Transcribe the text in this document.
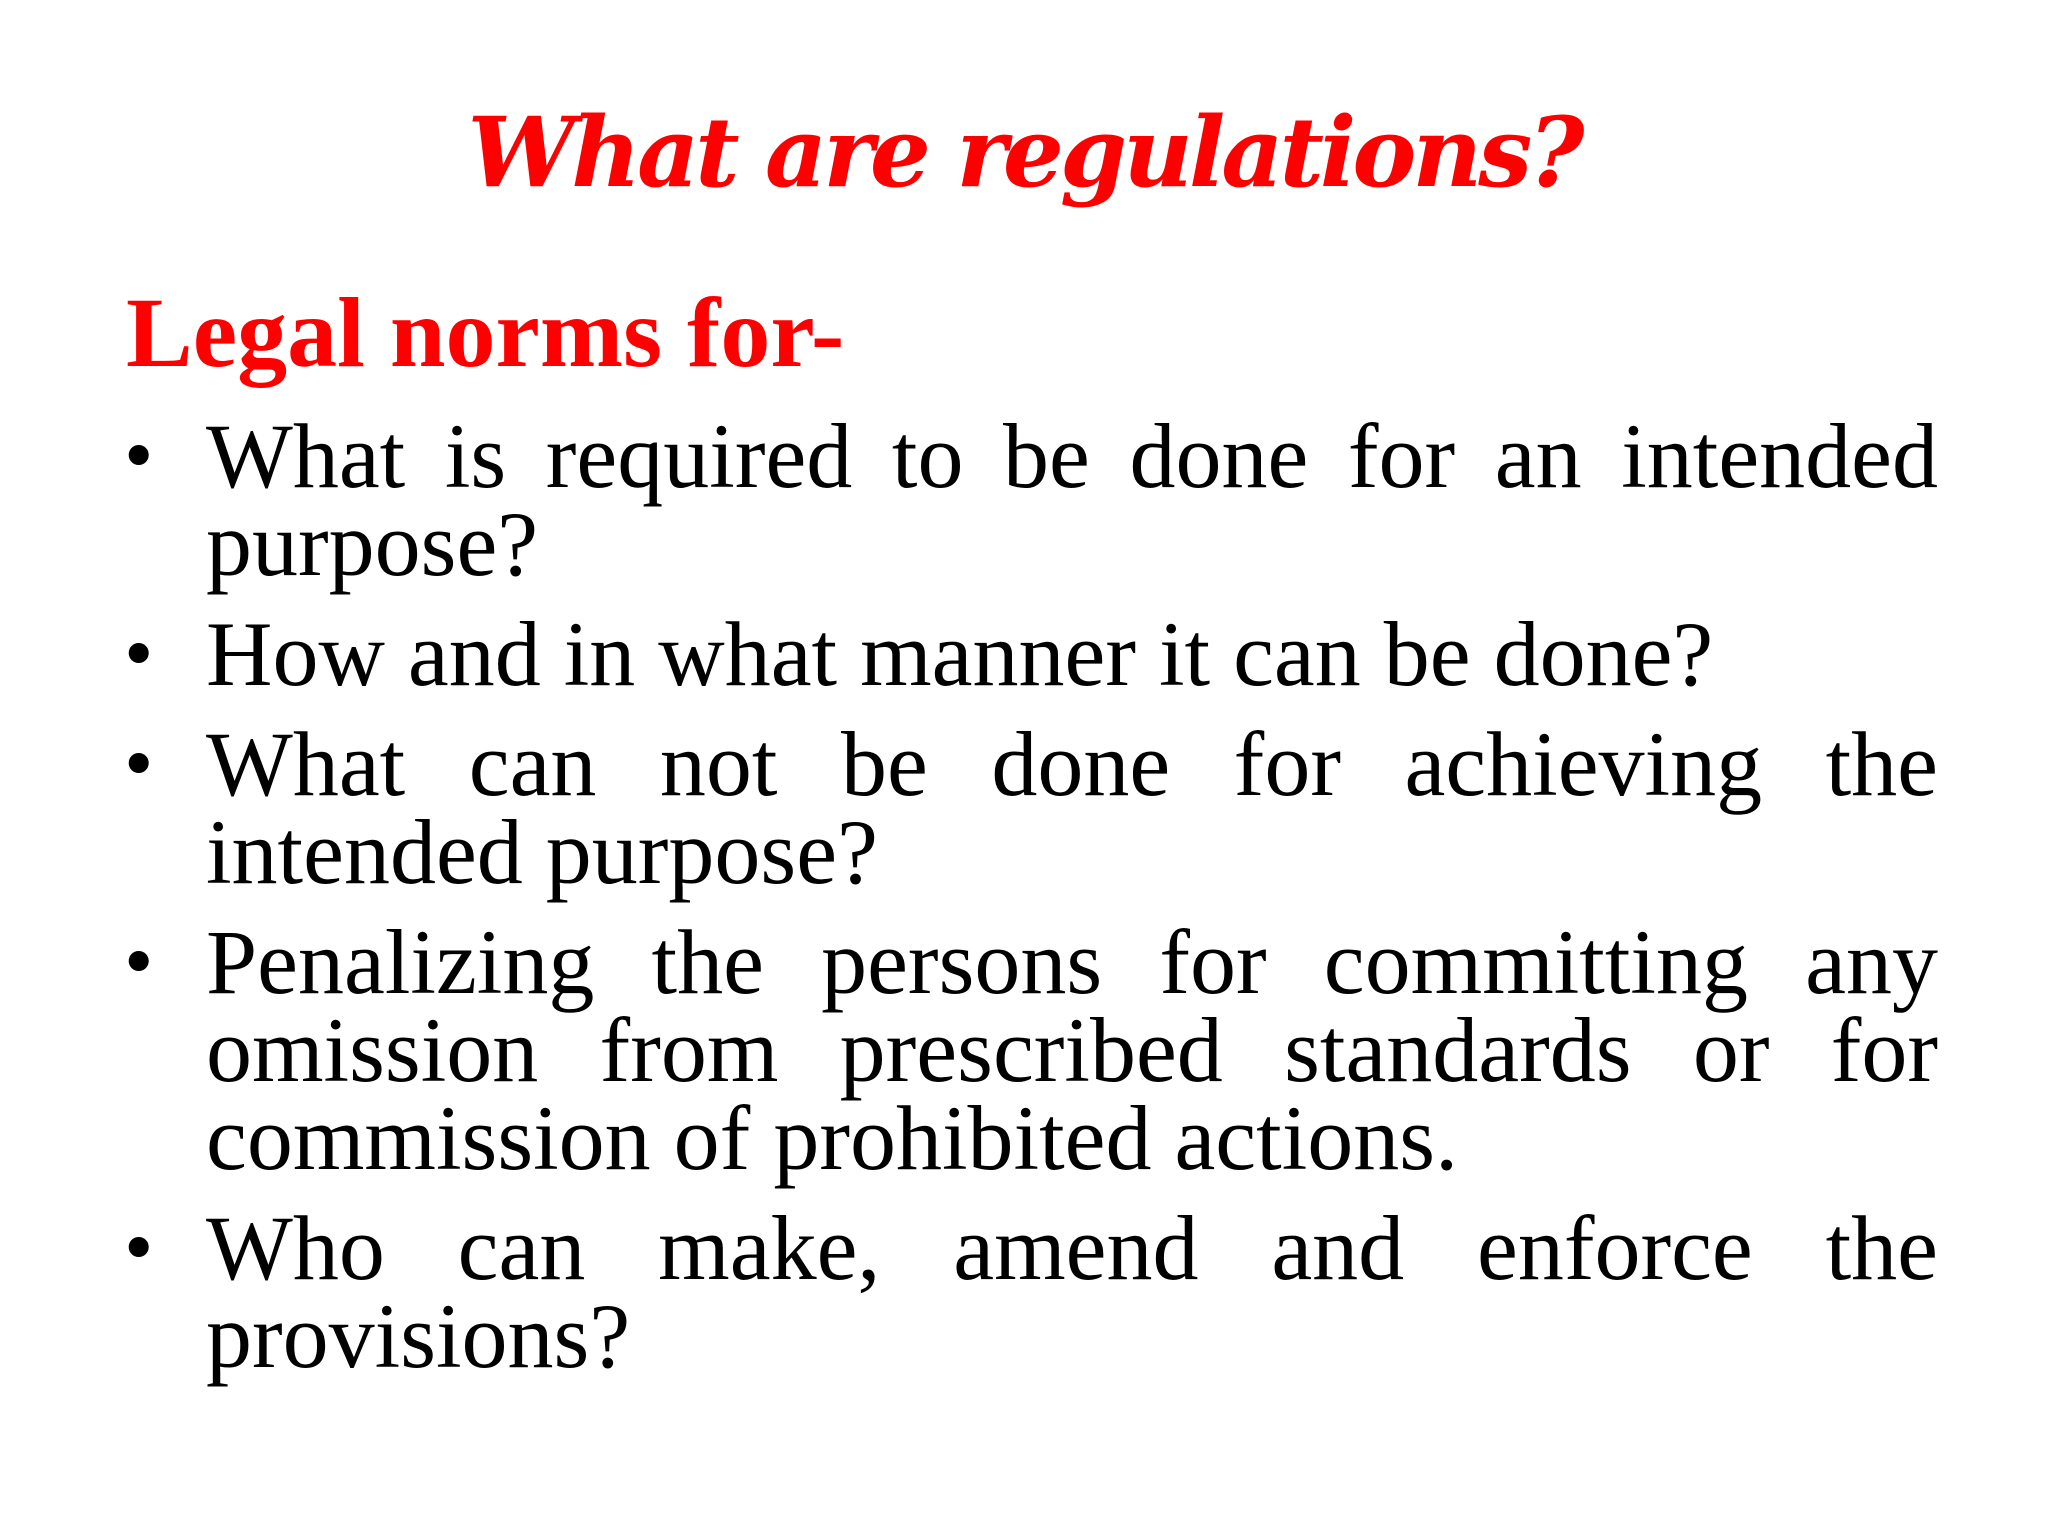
What are regulations?
Legal norms for-
• What is required to be done for an intended purpose?
• How and in what manner it can be done?
• What can not be done for achieving the intended purpose?
• Penalizing the persons for committing any omission from prescribed standards or for commission of prohibited actions.
• Who can make, amend and enforce the provisions?
